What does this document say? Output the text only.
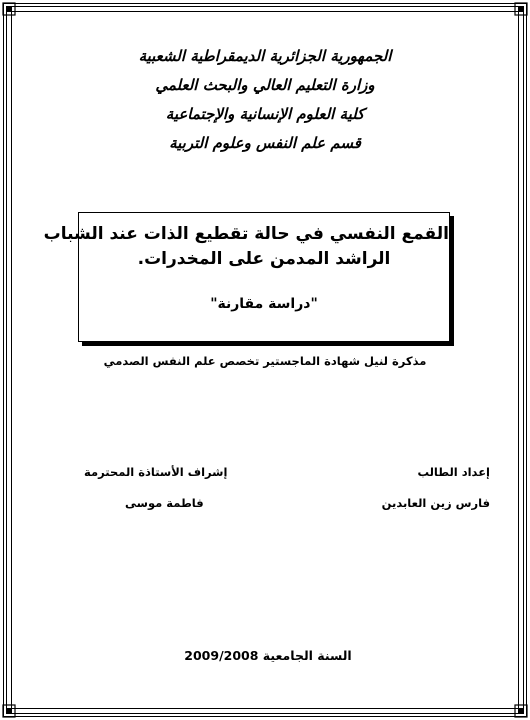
الجمهورية الجزائرية الديمقراطية الشعبية
وزارة التعليم العالي والبحث العلمي
كلية العلوم الإنسانية والإجتماعية
قسم علم النفس وعلوم التربية
القمع النفسي في حالة تقطيع الذات عند الشباب
الراشد المدمن على المخدرات.
"دراسة مقارنة"
مذكرة لنيل شهادة الماجستير تخصص علم النفس الصدمي
إعداد الطالب
فارس زين العابدين
إشراف الأستاذة المحترمة
فاطمة موسى
السنة الجامعية 2009/2008
